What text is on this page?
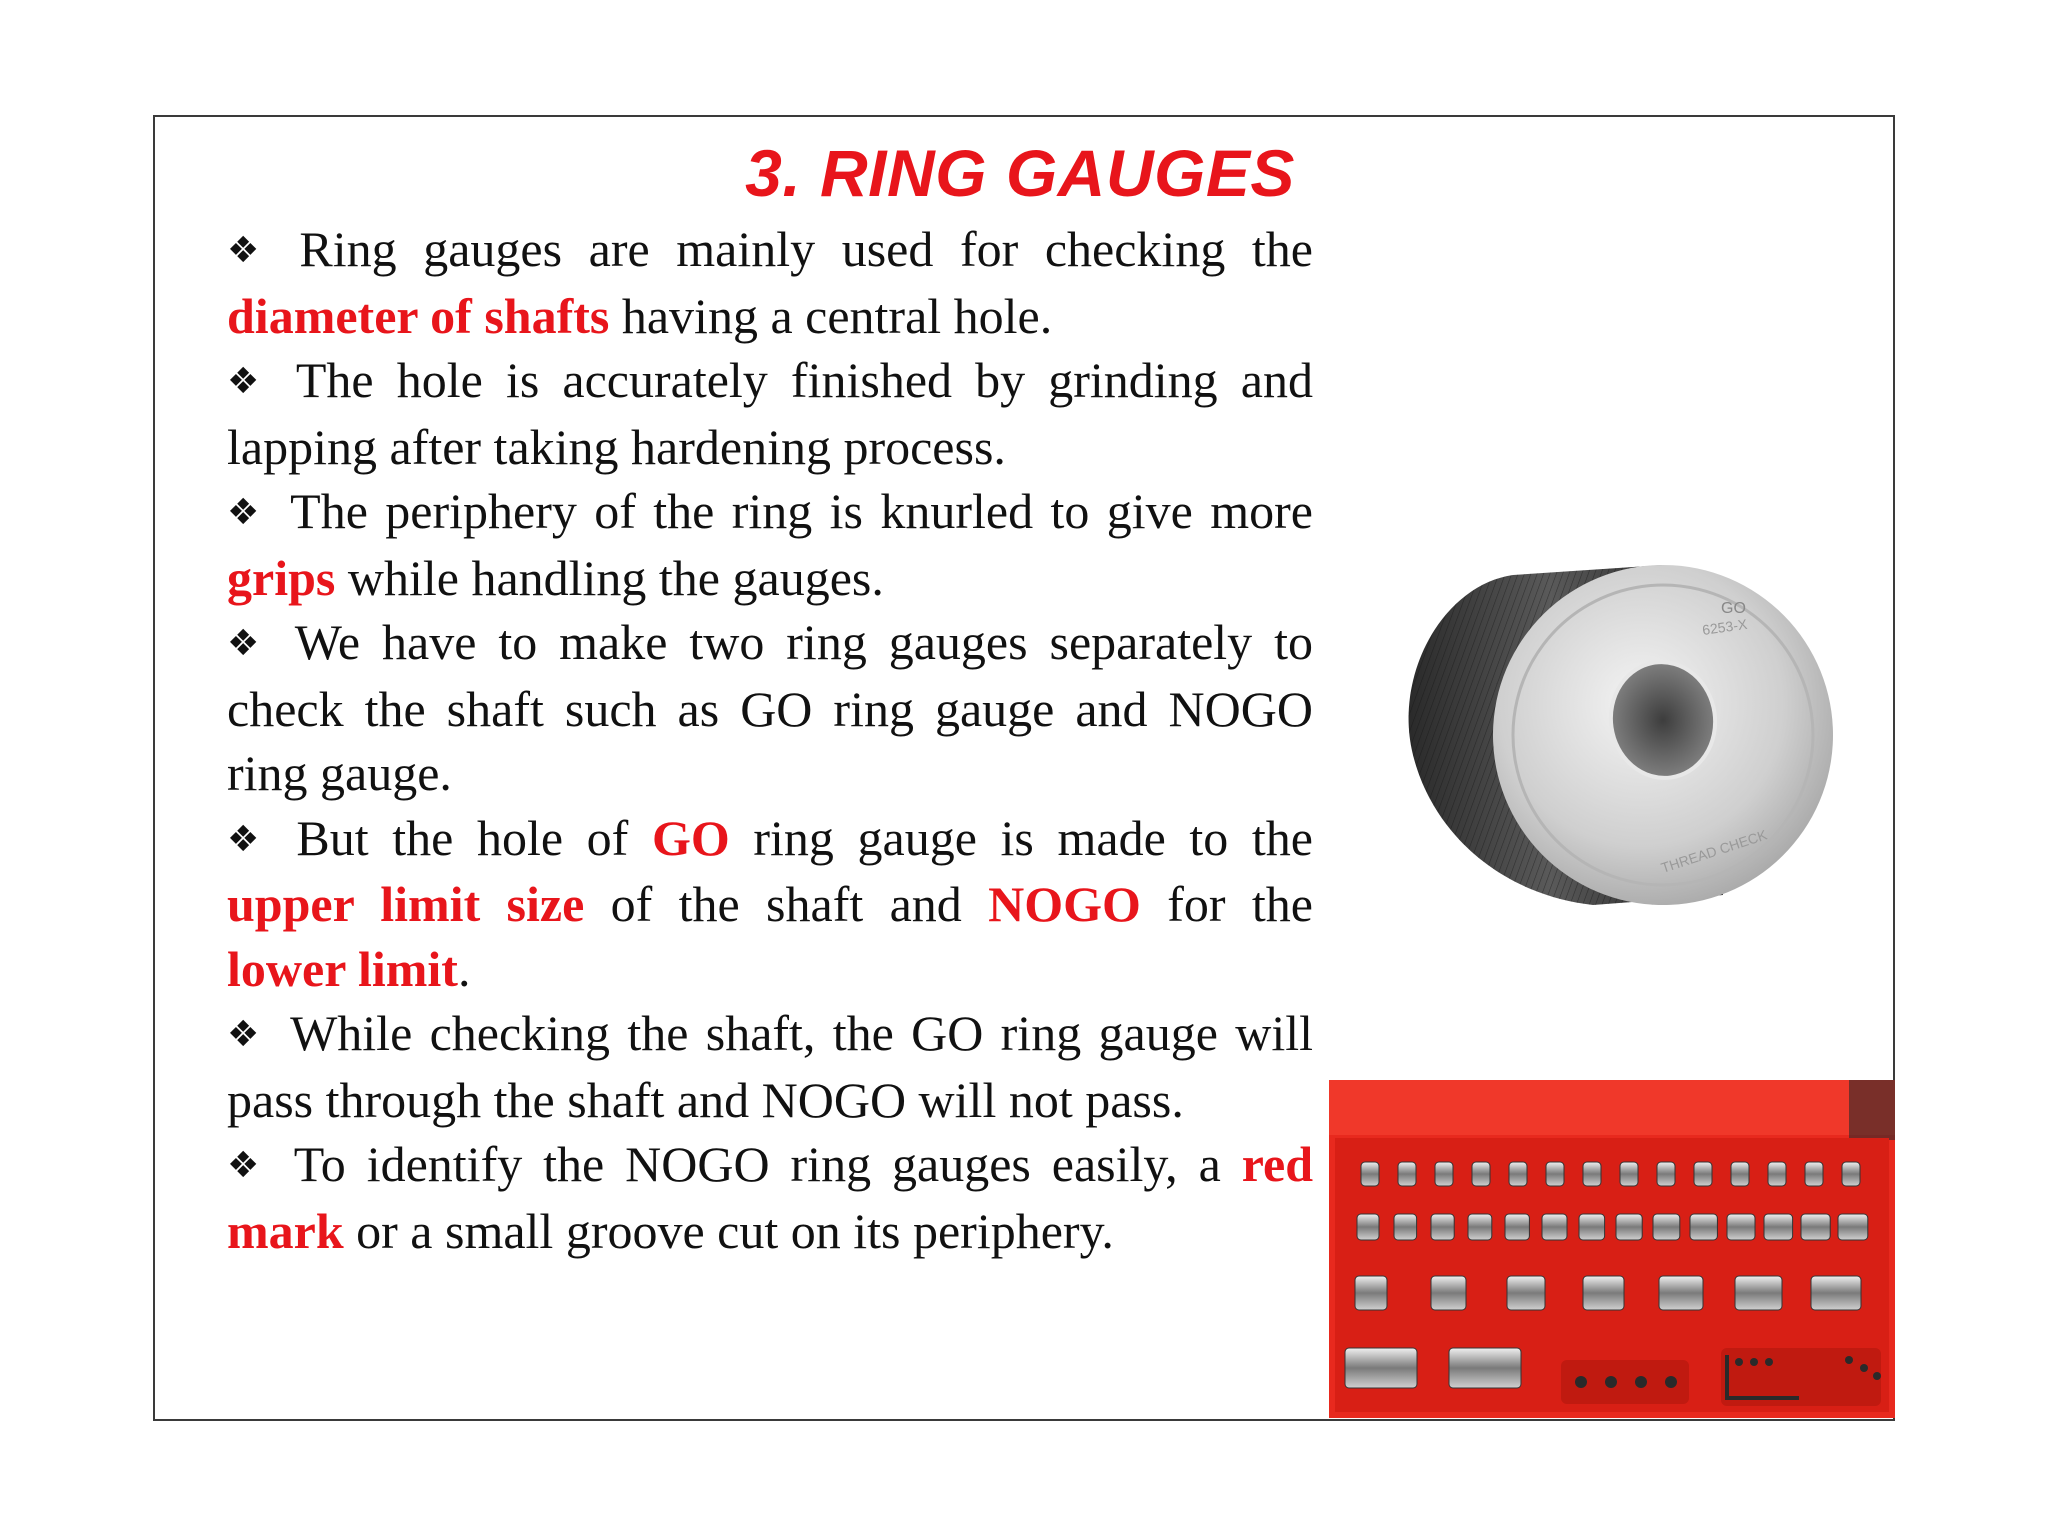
3. RING GAUGES

❖ Ring gauges are mainly used for checking the diameter of shafts having a central hole.

❖ The hole is accurately finished by grinding and lapping after taking hardening process.

❖ The periphery of the ring is knurled to give more grips while handling the gauges.

❖ We have to make two ring gauges separately to check the shaft such as GO ring gauge and NOGO ring gauge.

❖ But the hole of GO ring gauge is made to the upper limit size of the shaft and NOGO for the lower limit.

❖ While checking the shaft, the GO ring gauge will pass through the shaft and NOGO will not pass.

❖ To identify the NOGO ring gauges easily, a red mark or a small groove cut on its periphery.

GO
6253-X
THREAD CHECK
